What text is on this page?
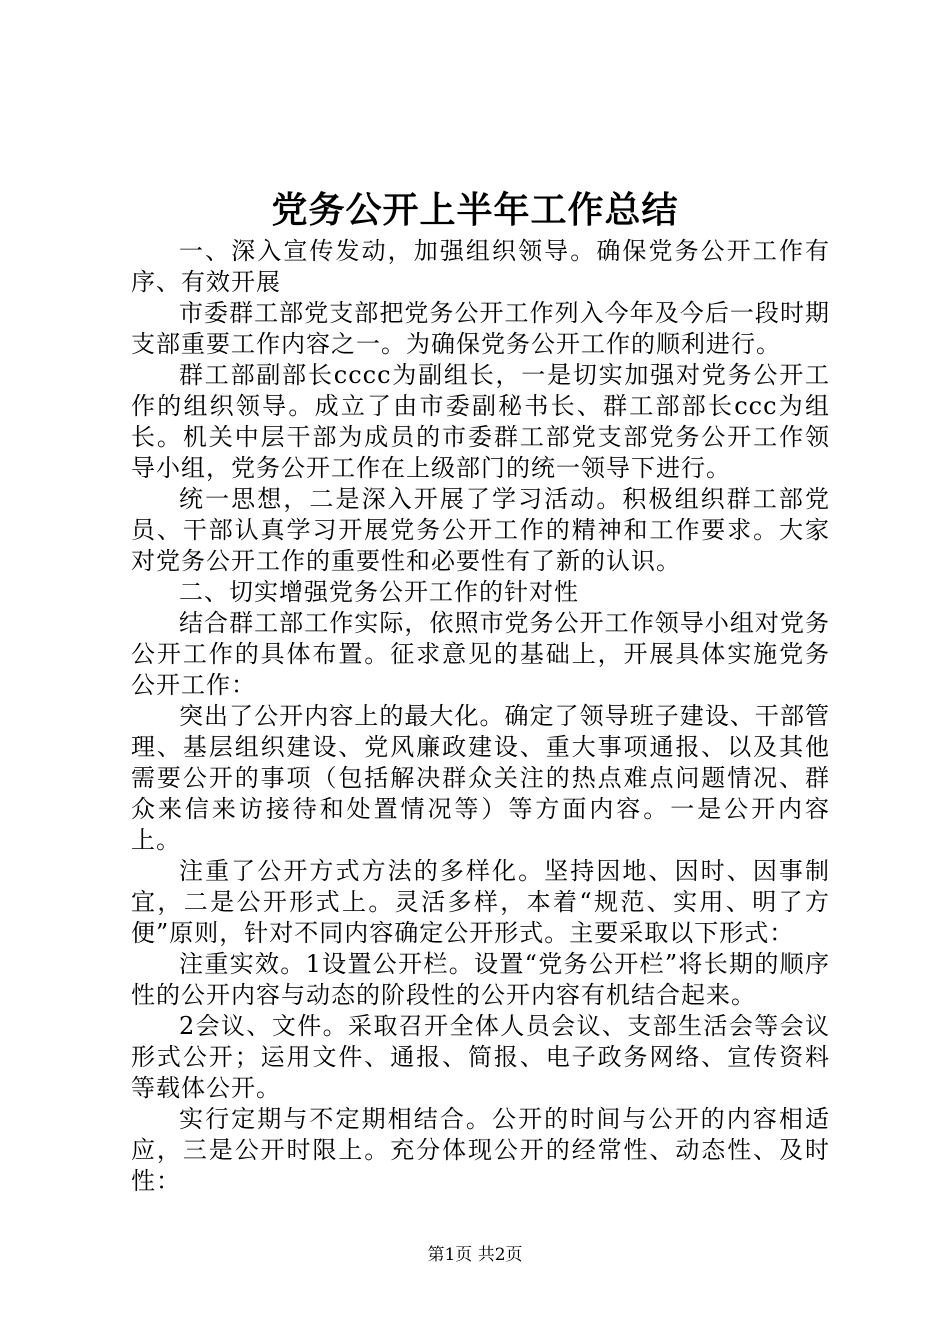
党务公开上半年工作总结

一、深入宣传发动，加强组织领导。确保党务公开工作有序、有效开展

市委群工部党支部把党务公开工作列入今年及今后一段时期支部重要工作内容之一。为确保党务公开工作的顺利进行。

群工部副部长cccc为副组长，一是切实加强对党务公开工作的组织领导。成立了由市委副秘书长、群工部部长ccc为组长。机关中层干部为成员的市委群工部党支部党务公开工作领导小组，党务公开工作在上级部门的统一领导下进行。

统一思想，二是深入开展了学习活动。积极组织群工部党员、干部认真学习开展党务公开工作的精神和工作要求。大家对党务公开工作的重要性和必要性有了新的认识。

二、切实增强党务公开工作的针对性

结合群工部工作实际，依照市党务公开工作领导小组对党务公开工作的具体布置。征求意见的基础上，开展具体实施党务公开工作：

突出了公开内容上的最大化。确定了领导班子建设、干部管理、基层组织建设、党风廉政建设、重大事项通报、以及其他需要公开的事项（包括解决群众关注的热点难点问题情况、群众来信来访接待和处置情况等）等方面内容。一是公开内容上。

注重了公开方式方法的多样化。坚持因地、因时、因事制宜，二是公开形式上。灵活多样，本着“规范、实用、明了方便”原则，针对不同内容确定公开形式。主要采取以下形式：

注重实效。1设置公开栏。设置“党务公开栏”将长期的顺序性的公开内容与动态的阶段性的公开内容有机结合起来。

2会议、文件。采取召开全体人员会议、支部生活会等会议形式公开；运用文件、通报、简报、电子政务网络、宣传资料等载体公开。

实行定期与不定期相结合。公开的时间与公开的内容相适应，三是公开时限上。充分体现公开的经常性、动态性、及时性：

第1页 共2页
